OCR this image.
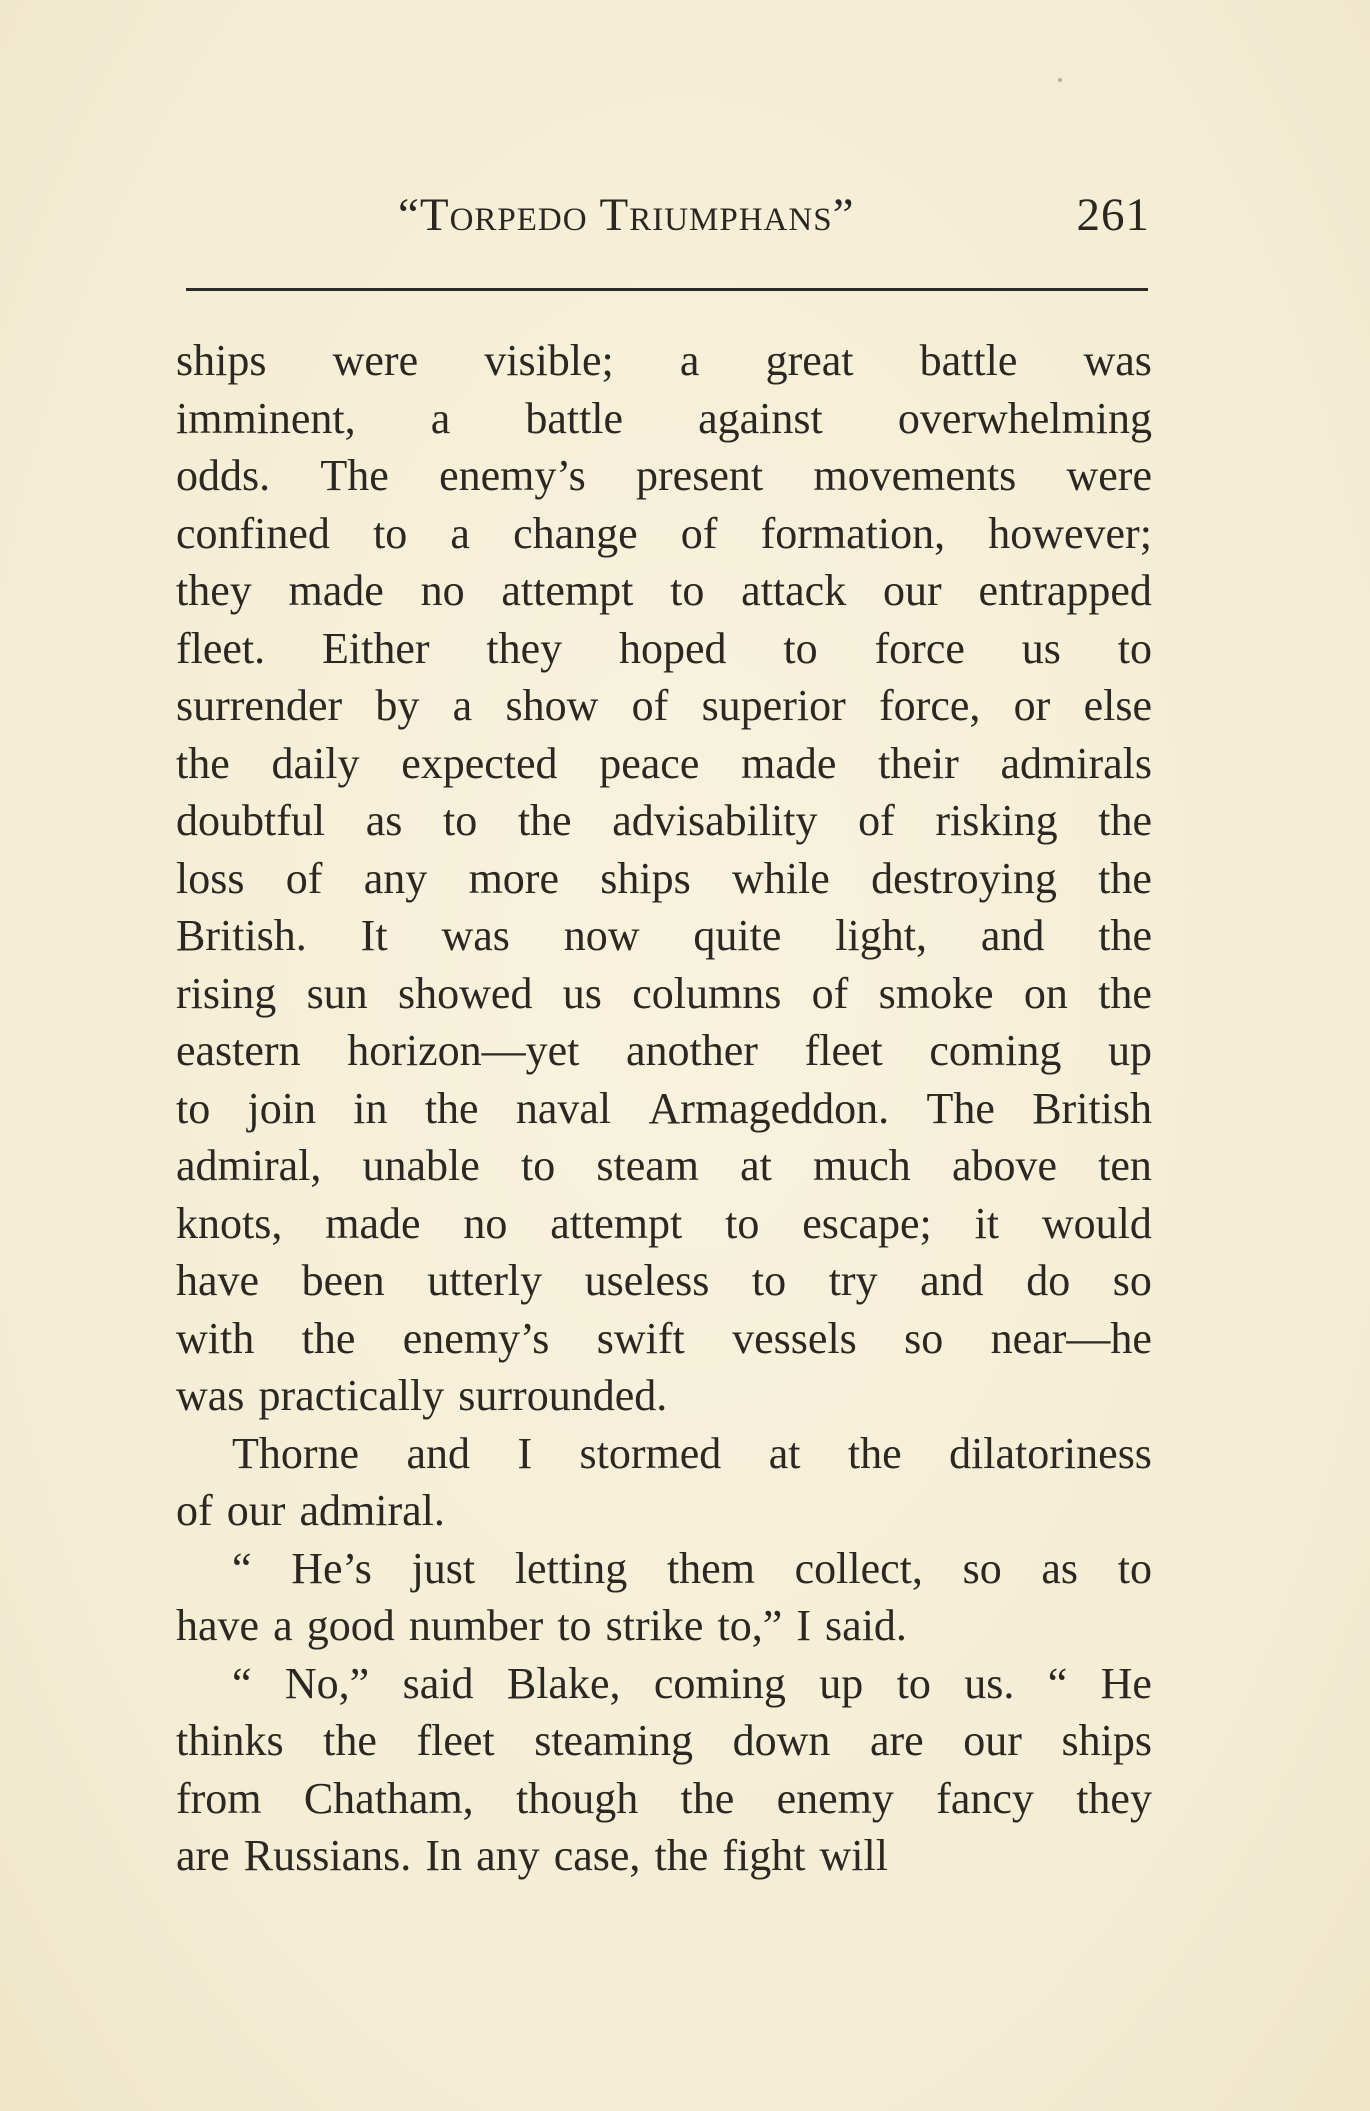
“Torpedo Triumphans”	261
ships were visible; a great battle was
imminent, a battle against overwhelming
odds. The enemy’s present movements were
confined to a change of formation, however;
they made no attempt to attack our entrapped
fleet. Either they hoped to force us to
surrender by a show of superior force, or else
the daily expected peace made their admirals
doubtful as to the advisability of risking the
loss of any more ships while destroying the
British. It was now quite light, and the
rising sun showed us columns of smoke on the
eastern horizon—yet another fleet coming up
to join in the naval Armageddon. The British
admiral, unable to steam at much above ten
knots, made no attempt to escape; it would
have been utterly useless to try and do so
with the enemy’s swift vessels so near—he
was practically surrounded.
Thorne and I stormed at the dilatoriness
of our admiral.
“ He’s just letting them collect, so as to
have a good number to strike to,” I said.
“ No,” said Blake, coming up to us. “ He
thinks the fleet steaming down are our ships
from Chatham, though the enemy fancy they
are Russians. In any case, the fight will
